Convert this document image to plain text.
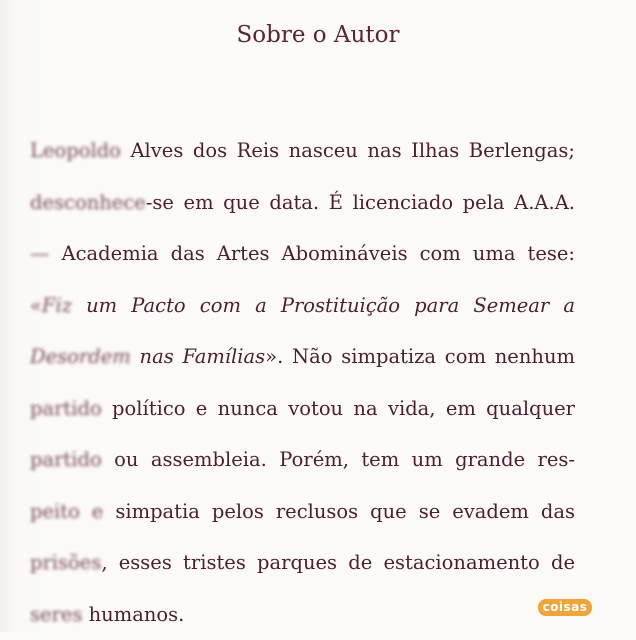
Sobre o Autor
Leopoldo Alves dos Reis nasceu nas Ilhas Berlengas;
desconhece-se em que data. É licenciado pela A.A.A.
— Academia das Artes Abomináveis com uma tese:
«Fiz um Pacto com a Prostituição para Semear a
Desordem nas Famílias». Não simpatiza com nenhum
partido político e nunca votou na vida, em qualquer
partido ou assembleia. Porém, tem um grande res-
peito e simpatia pelos reclusos que se evadem das
prisões, esses tristes parques de estacionamento de
seres humanos.	coisas
